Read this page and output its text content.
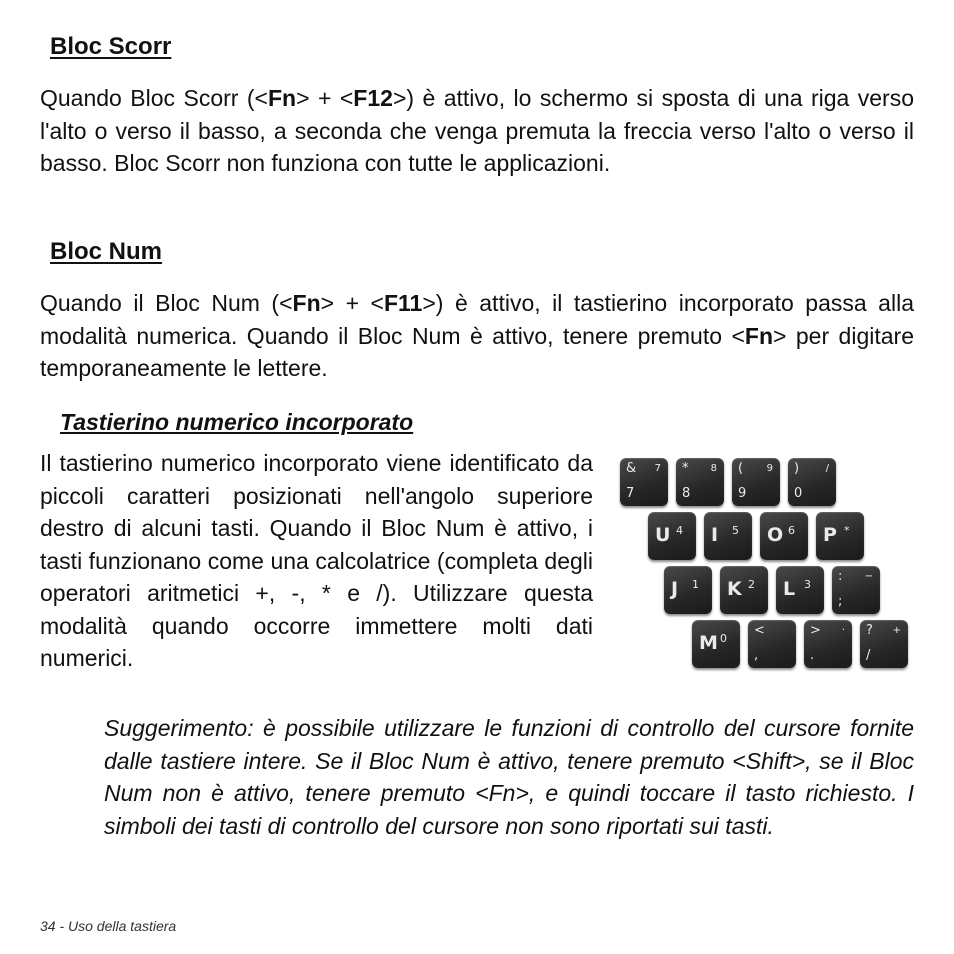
Bloc Scorr

Quando Bloc Scorr (<Fn> + <F12>) è attivo, lo schermo si sposta di una riga verso l'alto o verso il basso, a seconda che venga premuta la freccia verso l'alto o verso il basso. Bloc Scorr non funziona con tutte le applicazioni.

Bloc Num

Quando il Bloc Num (<Fn> + <F11>) è attivo, il tastierino incorporato passa alla modalità numerica. Quando il Bloc Num è attivo, tenere premuto <Fn> per digitare temporaneamente le lettere.

Tastierino numerico incorporato

Il tastierino numerico incorporato viene identificato da piccoli caratteri posizionati nell'angolo superiore destro di alcuni tasti. Quando il Bloc Num è attivo, i tasti funzionano come una calcolatrice (completa degli operatori aritmetici +, -, * e /). Utilizzare questa modalità quando occorre immettere molti dati numerici.

&
7
7 *
8
8 (
9
9 )
0
/
U 4 I 5 O 6 P *
J 1 K 2 L 3
:
;
−
M 0
<
,
>
.
· ?
/
+

Suggerimento: è possibile utilizzare le funzioni di controllo del cursore fornite dalle tastiere intere. Se il Bloc Num è attivo, tenere premuto <Shift>, se il Bloc Num non è attivo, tenere premuto <Fn>, e quindi toccare il tasto richiesto. I simboli dei tasti di controllo del cursore non sono riportati sui tasti.

34 - Uso della tastiera
